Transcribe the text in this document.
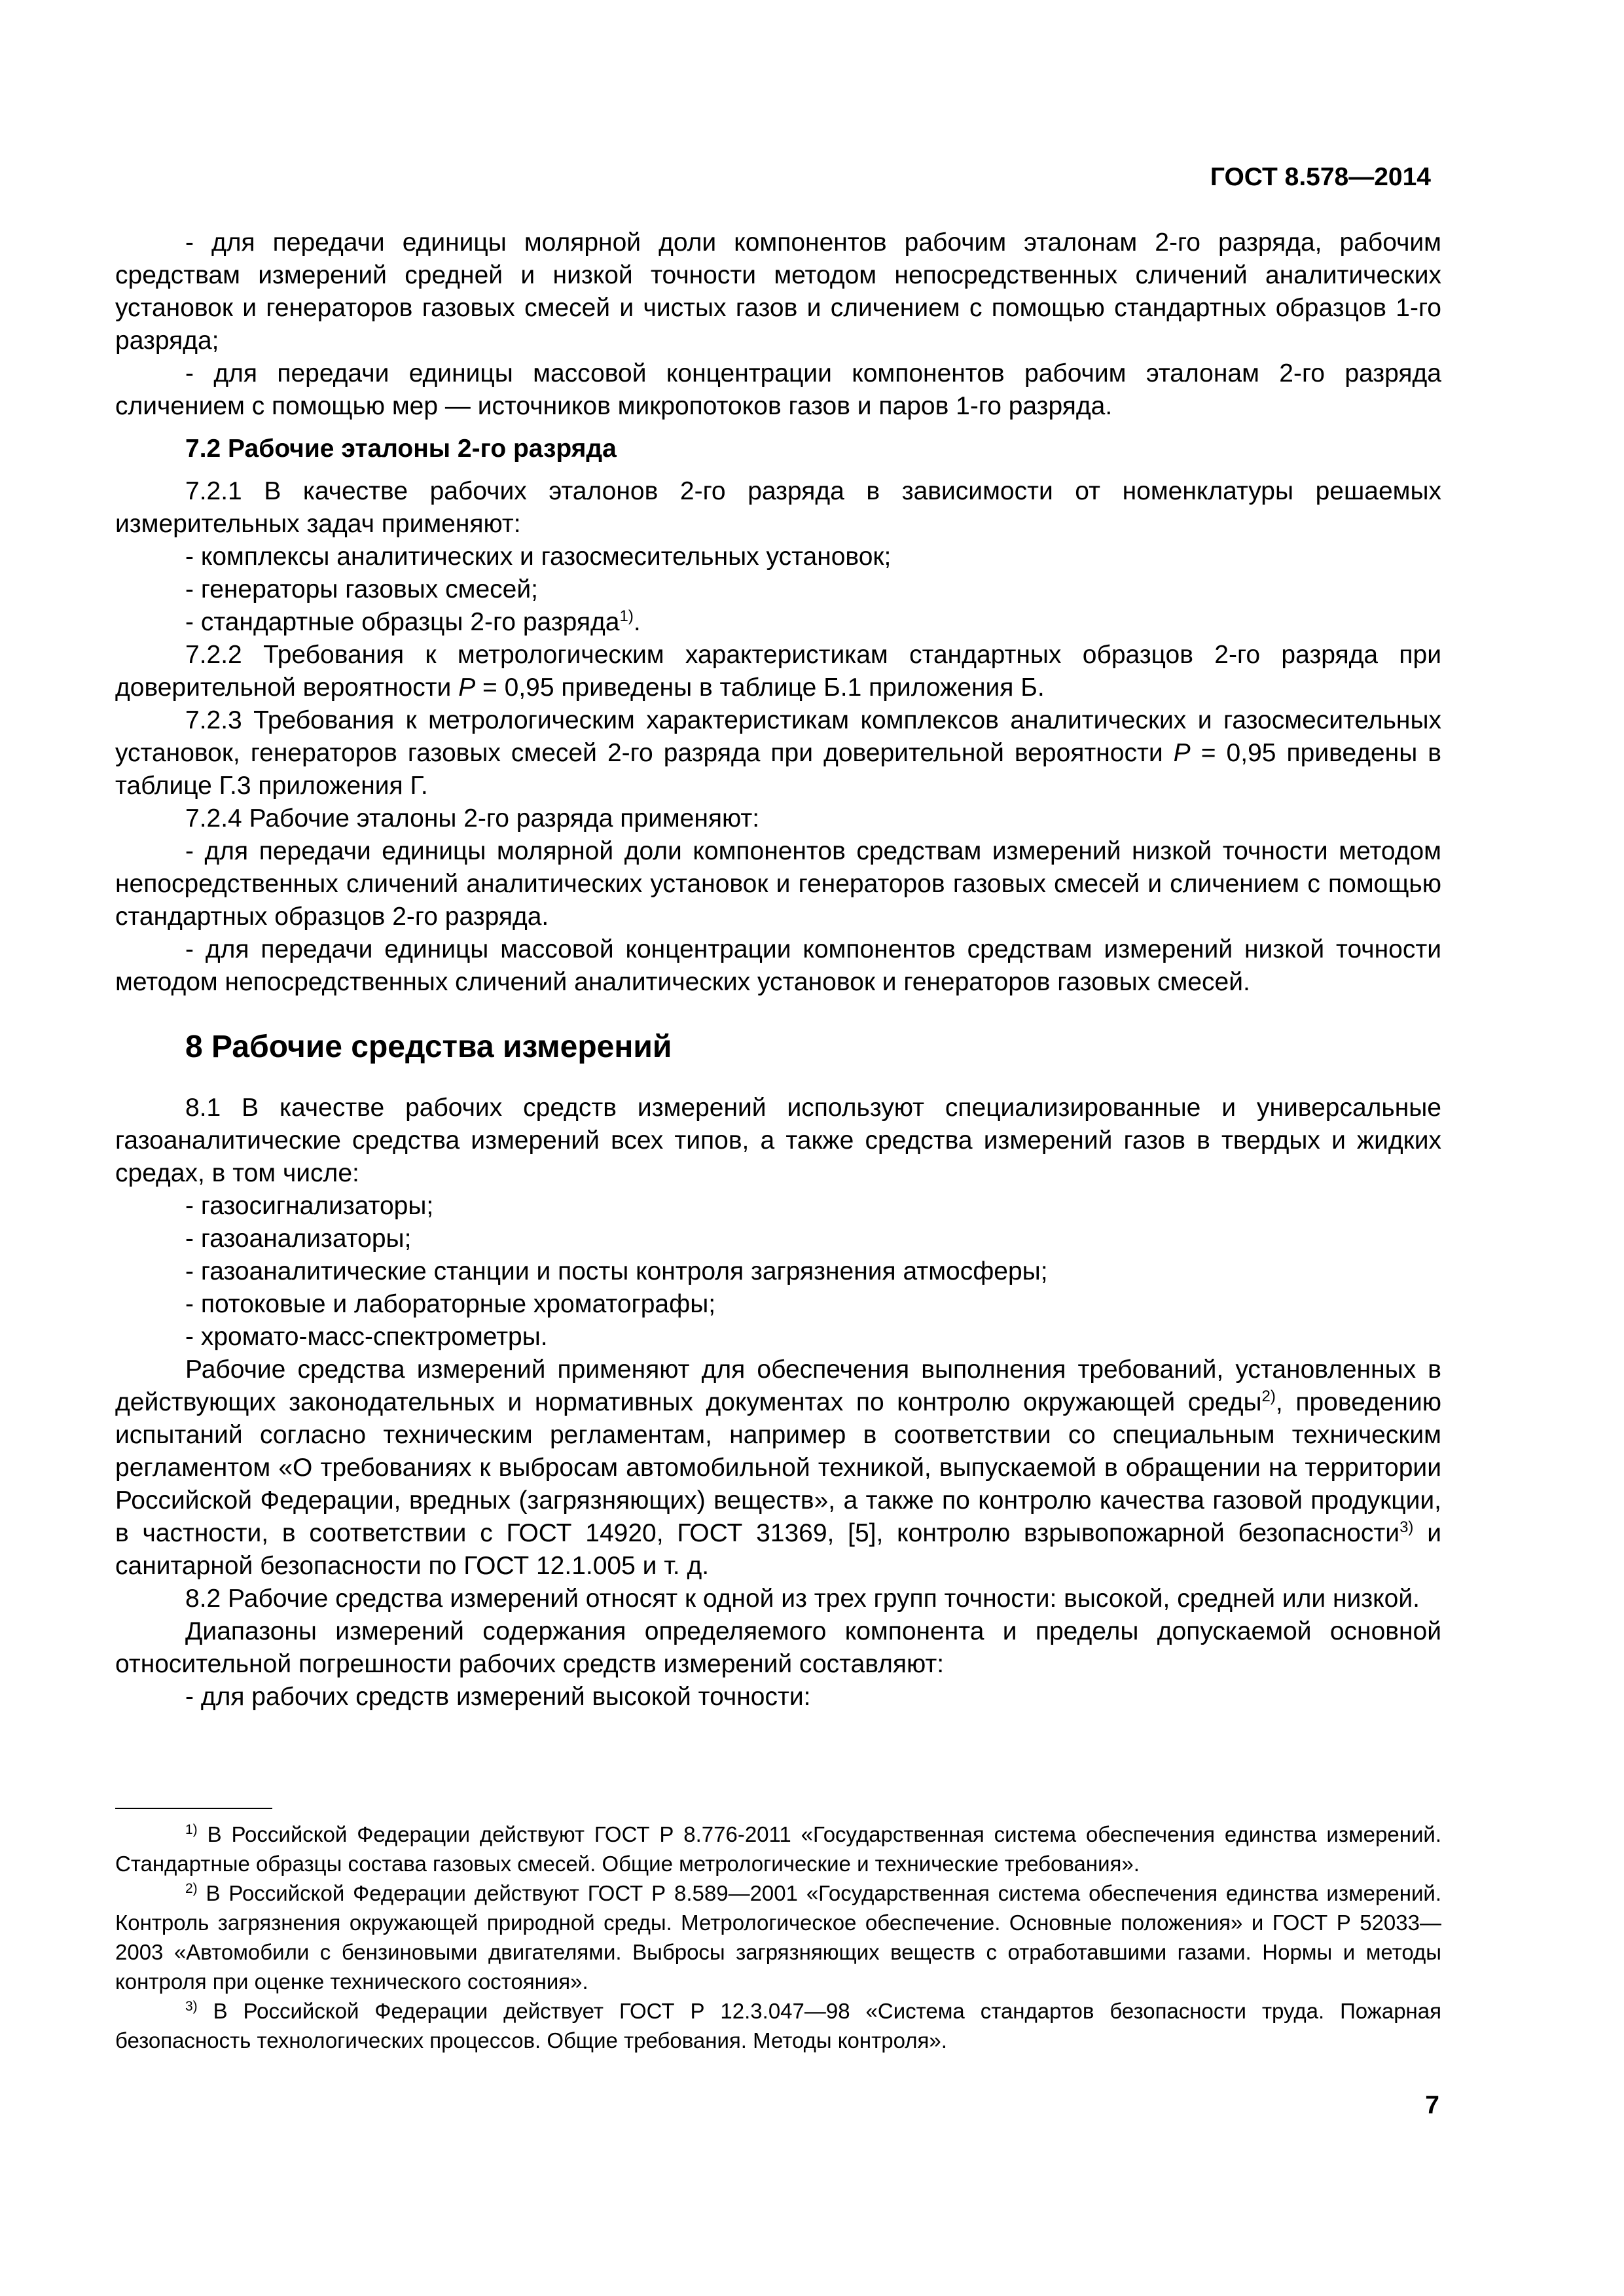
ГОСТ 8.578—2014

- для передачи единицы молярной доли компонентов рабочим эталонам 2-го разряда, рабочим средствам измерений средней и низкой точности методом непосредственных сличений аналитических установок и генераторов газовых смесей и чистых газов и сличением с помощью стандартных образцов 1-го разряда;

- для передачи единицы массовой концентрации компонентов рабочим эталонам 2-го разряда сличением с помощью мер — источников микропотоков газов и паров 1-го разряда.

7.2 Рабочие эталоны 2-го разряда

7.2.1 В качестве рабочих эталонов 2-го разряда в зависимости от номенклатуры решаемых измерительных задач применяют:

- комплексы аналитических и газосмесительных установок;

- генераторы газовых смесей;

- стандартные образцы 2-го разряда$^{1)}$.

7.2.2 Требования к метрологическим характеристикам стандартных образцов 2-го разряда при доверительной вероятности P = 0,95 приведены в таблице Б.1 приложения Б.

7.2.3 Требования к метрологическим характеристикам комплексов аналитических и газосмесительных установок, генераторов газовых смесей 2-го разряда при доверительной вероятности P = 0,95 приведены в таблице Г.3 приложения Г.

7.2.4 Рабочие эталоны 2-го разряда применяют:

- для передачи единицы молярной доли компонентов средствам измерений низкой точности методом непосредственных сличений аналитических установок и генераторов газовых смесей и сличением с помощью стандартных образцов 2-го разряда.

- для передачи единицы массовой концентрации компонентов средствам измерений низкой точности методом непосредственных сличений аналитических установок и генераторов газовых смесей.

8 Рабочие средства измерений

8.1 В качестве рабочих средств измерений используют специализированные и универсальные газоаналитические средства измерений всех типов, а также средства измерений газов в твердых и жидких средах, в том числе:

- газосигнализаторы;

- газоанализаторы;

- газоаналитические станции и посты контроля загрязнения атмосферы;

- потоковые и лабораторные хроматографы;

- хромато-масс-спектрометры.

Рабочие средства измерений применяют для обеспечения выполнения требований, установленных в действующих законодательных и нормативных документах по контролю окружающей среды$^{2)}$, проведению испытаний согласно техническим регламентам, например в соответствии со специальным техническим регламентом «О требованиях к выбросам автомобильной техникой, выпускаемой в обращении на территории Российской Федерации, вредных (загрязняющих) веществ», а также по контролю качества газовой продукции, в частности, в соответствии с ГОСТ 14920, ГОСТ 31369, [5], контролю взрывопожарной безопасности$^{3)}$ и санитарной безопасности по ГОСТ 12.1.005 и т. д.

8.2 Рабочие средства измерений относят к одной из трех групп точности: высокой, средней или низкой.

Диапазоны измерений содержания определяемого компонента и пределы допускаемой основной относительной погрешности рабочих средств измерений составляют:

- для рабочих средств измерений высокой точности:

$^{1)}$ В Российской Федерации действуют ГОСТ Р 8.776-2011 «Государственная система обеспечения единства измерений. Стандартные образцы состава газовых смесей. Общие метрологические и технические требования».

$^{2)}$ В Российской Федерации действуют ГОСТ Р 8.589—2001 «Государственная система обеспечения единства измерений. Контроль загрязнения окружающей природной среды. Метрологическое обеспечение. Основные положения» и ГОСТ Р 52033—2003 «Автомобили с бензиновыми двигателями. Выбросы загрязняющих веществ с отработавшими газами. Нормы и методы контроля при оценке технического состояния».

$^{3)}$ В Российской Федерации действует ГОСТ Р 12.3.047—98 «Система стандартов безопасности труда. Пожарная безопасность технологических процессов. Общие требования. Методы контроля».

7
